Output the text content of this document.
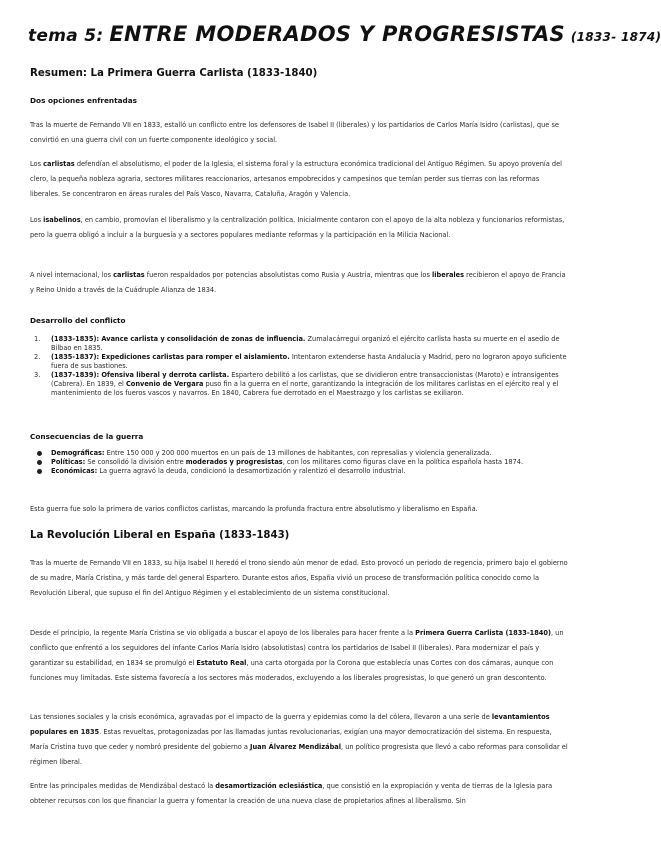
tema 5: ENTRE MODERADOS Y PROGRESISTAS (1833- 1874)
Resumen: La Primera Guerra Carlista (1833-1840)
Dos opciones enfrentadas
Tras la muerte de Fernando VII en 1833, estalló un conflicto entre los defensores de Isabel II (liberales) y los partidarios de Carlos María Isidro (carlistas), que se convirtió en una guerra civil con un fuerte componente ideológico y social.
Los carlistas defendían el absolutismo, el poder de la Iglesia, el sistema foral y la estructura económica tradicional del Antiguo Régimen. Su apoyo provenía del clero, la pequeña nobleza agraria, sectores militares reaccionarios, artesanos empobrecidos y campesinos que temían perder sus tierras con las reformas liberales. Se concentraron en áreas rurales del País Vasco, Navarra, Cataluña, Aragón y Valencia.
Los isabelinos, en cambio, promovían el liberalismo y la centralización política. Inicialmente contaron con el apoyo de la alta nobleza y funcionarios reformistas, pero la guerra obligó a incluir a la burguesía y a sectores populares mediante reformas y la participación en la Milicia Nacional.
A nivel internacional, los carlistas fueron respaldados por potencias absolutistas como Rusia y Austria, mientras que los liberales recibieron el apoyo de Francia y Reino Unido a través de la Cuádruple Alianza de 1834.
Desarrollo del conflicto
1. (1833-1835): Avance carlista y consolidación de zonas de influencia. Zumalacárregui organizó el ejército carlista hasta su muerte en el asedio de Bilbao en 1835.
2. (1835-1837): Expediciones carlistas para romper el aislamiento. Intentaron extenderse hasta Andalucía y Madrid, pero no lograron apoyo suficiente fuera de sus bastiones.
3. (1837-1839): Ofensiva liberal y derrota carlista. Espartero debilitó a los carlistas, que se dividieron entre transaccionistas (Maroto) e intransigentes (Cabrera). En 1839, el Convenio de Vergara puso fin a la guerra en el norte, garantizando la integración de los militares carlistas en el ejército real y el mantenimiento de los fueros vascos y navarros. En 1840, Cabrera fue derrotado en el Maestrazgo y los carlistas se exiliaron.
Consecuencias de la guerra
Demográficas: Entre 150 000 y 200 000 muertos en un país de 13 millones de habitantes, con represalias y violencia generalizada.
Políticas: Se consolidó la división entre moderados y progresistas, con los militares como figuras clave en la política española hasta 1874.
Económicas: La guerra agravó la deuda, condicionó la desamortización y ralentizó el desarrollo industrial.
Esta guerra fue solo la primera de varios conflictos carlistas, marcando la profunda fractura entre absolutismo y liberalismo en España.
La Revolución Liberal en España (1833-1843)
Tras la muerte de Fernando VII en 1833, su hija Isabel II heredó el trono siendo aún menor de edad. Esto provocó un periodo de regencia, primero bajo el gobierno de su madre, María Cristina, y más tarde del general Espartero. Durante estos años, España vivió un proceso de transformación política conocido como la Revolución Liberal, que supuso el fin del Antiguo Régimen y el establecimiento de un sistema constitucional.
Desde el principio, la regente María Cristina se vio obligada a buscar el apoyo de los liberales para hacer frente a la Primera Guerra Carlista (1833-1840), un conflicto que enfrentó a los seguidores del infante Carlos María Isidro (absolutistas) contra los partidarios de Isabel II (liberales). Para modernizar el país y garantizar su estabilidad, en 1834 se promulgó el Estatuto Real, una carta otorgada por la Corona que establecía unas Cortes con dos cámaras, aunque con funciones muy limitadas. Este sistema favorecía a los sectores más moderados, excluyendo a los liberales progresistas, lo que generó un gran descontento.
Las tensiones sociales y la crisis económica, agravadas por el impacto de la guerra y epidemias como la del cólera, llevaron a una serie de levantamientos populares en 1835. Estas revueltas, protagonizadas por las llamadas juntas revolucionarias, exigían una mayor democratización del sistema. En respuesta, María Cristina tuvo que ceder y nombró presidente del gobierno a Juan Álvarez Mendizábal, un político progresista que llevó a cabo reformas para consolidar el régimen liberal.
Entre las principales medidas de Mendizábal destacó la desamortización eclesiástica, que consistió en la expropiación y venta de tierras de la Iglesia para obtener recursos con los que financiar la guerra y fomentar la creación de una nueva clase de propietarios afines al liberalismo. Sin
